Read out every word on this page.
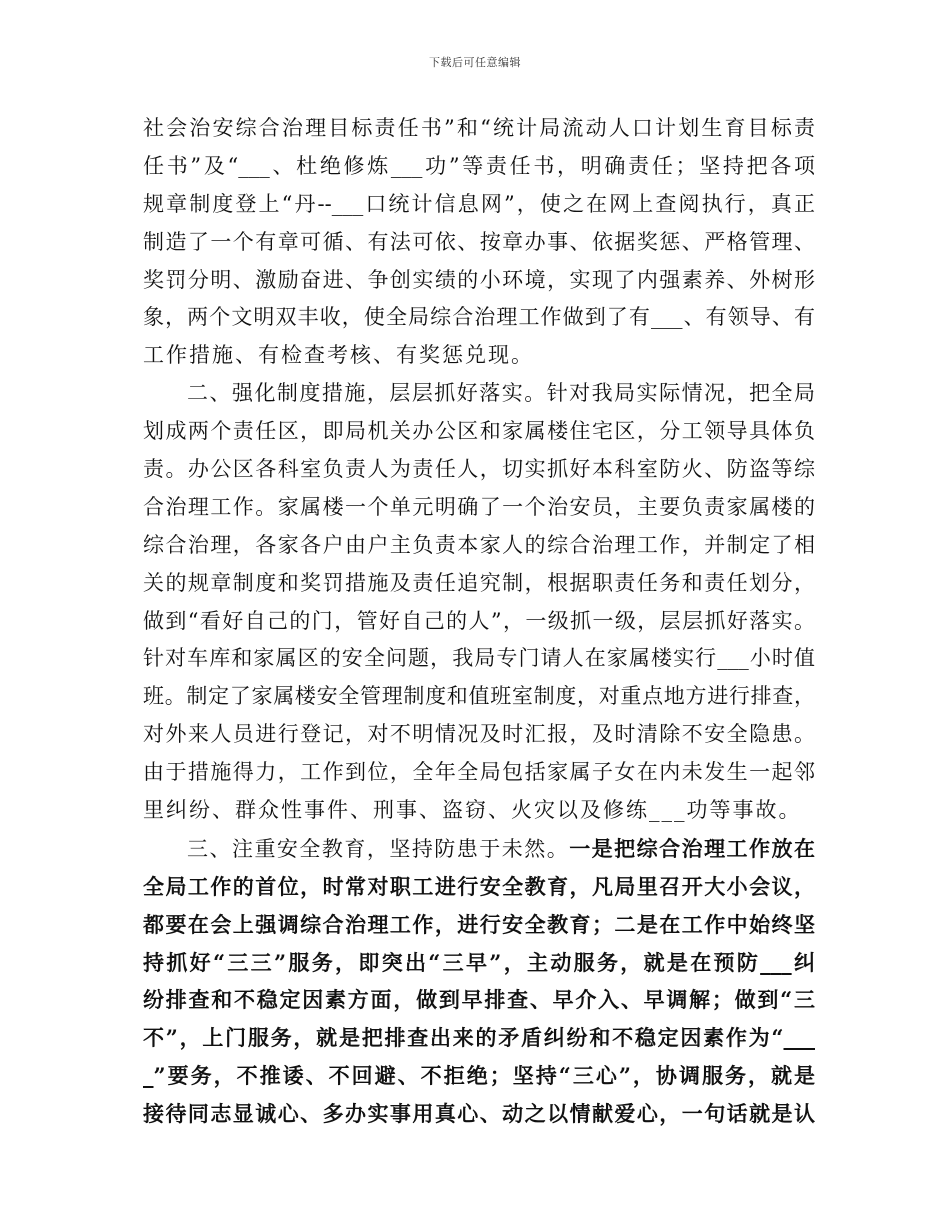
下载后可任意编辑
社会治安综合治理目标责任书”和“统计局流动人口计划生育目标责
任书”及“___、杜绝修炼___功”等责任书，明确责任；坚持把各项
规章制度登上“丹--___口统计信息网”，使之在网上查阅执行，真正
制造了一个有章可循、有法可依、按章办事、依据奖惩、严格管理、
奖罚分明、激励奋进、争创实绩的小环境，实现了内强素养、外树形
象，两个文明双丰收，使全局综合治理工作做到了有___、有领导、有
工作措施、有检查考核、有奖惩兑现。
二、强化制度措施，层层抓好落实。针对我局实际情况，把全局
划成两个责任区，即局机关办公区和家属楼住宅区，分工领导具体负
责。办公区各科室负责人为责任人，切实抓好本科室防火、防盗等综
合治理工作。家属楼一个单元明确了一个治安员，主要负责家属楼的
综合治理，各家各户由户主负责本家人的综合治理工作，并制定了相
关的规章制度和奖罚措施及责任追究制，根据职责任务和责任划分，
做到“看好自己的门，管好自己的人”，一级抓一级，层层抓好落实。
针对车库和家属区的安全问题，我局专门请人在家属楼实行___小时值
班。制定了家属楼安全管理制度和值班室制度，对重点地方进行排查，
对外来人员进行登记，对不明情况及时汇报，及时清除不安全隐患。
由于措施得力，工作到位，全年全局包括家属子女在内未发生一起邻
里纠纷、群众性事件、刑事、盗窃、火灾以及修练___功等事故。
三、注重安全教育，坚持防患于未然。一是把综合治理工作放在
全局工作的首位，时常对职工进行安全教育，凡局里召开大小会议，
都要在会上强调综合治理工作，进行安全教育；二是在工作中始终坚
持抓好“三三”服务，即突出“三早”，主动服务，就是在预防___纠
纷排查和不稳定因素方面，做到早排查、早介入、早调解；做到“三
不”，上门服务，就是把排查出来的矛盾纠纷和不稳定因素作为“___
_”要务，不推诿、不回避、不拒绝；坚持“三心”，协调服务，就是
接待同志显诚心、多办实事用真心、动之以情献爱心，一句话就是认
